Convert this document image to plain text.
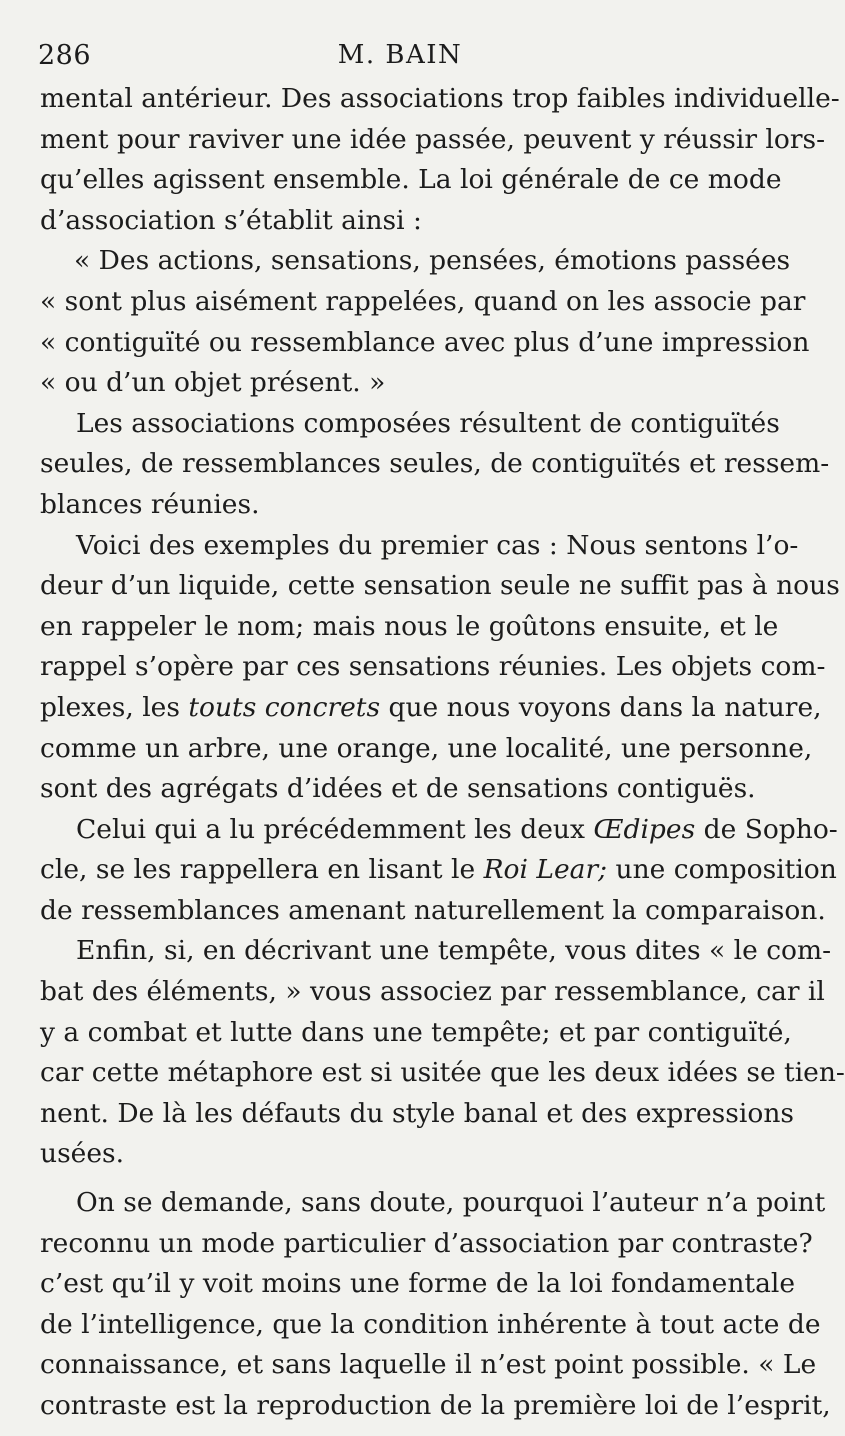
286	M. BAIN
mental antérieur. Des associations trop faibles individuelle-
ment pour raviver une idée passée, peuvent y réussir lors-
qu’elles agissent ensemble. La loi générale de ce mode
d’association s’établit ainsi :
« Des actions, sensations, pensées, émotions passées
« sont plus aisément rappelées, quand on les associe par
« contiguïté ou ressemblance avec plus d’une impression
« ou d’un objet présent. »
Les associations composées résultent de contiguïtés
seules, de ressemblances seules, de contiguïtés et ressem-
blances réunies.
Voici des exemples du premier cas : Nous sentons l’o-
deur d’un liquide, cette sensation seule ne suffit pas à nous
en rappeler le nom; mais nous le goûtons ensuite, et le
rappel s’opère par ces sensations réunies. Les objets com-
plexes, les touts concrets que nous voyons dans la nature,
comme un arbre, une orange, une localité, une personne,
sont des agrégats d’idées et de sensations contiguës.
Celui qui a lu précédemment les deux Œdipes de Sopho-
cle, se les rappellera en lisant le Roi Lear; une composition
de ressemblances amenant naturellement la comparaison.
Enfin, si, en décrivant une tempête, vous dites « le com-
bat des éléments, » vous associez par ressemblance, car il
y a combat et lutte dans une tempête; et par contiguïté,
car cette métaphore est si usitée que les deux idées se tien-
nent. De là les défauts du style banal et des expressions
usées.
On se demande, sans doute, pourquoi l’auteur n’a point
reconnu un mode particulier d’association par contraste?
c’est qu’il y voit moins une forme de la loi fondamentale
de l’intelligence, que la condition inhérente à tout acte de
connaissance, et sans laquelle il n’est point possible. « Le
contraste est la reproduction de la première loi de l’esprit,
